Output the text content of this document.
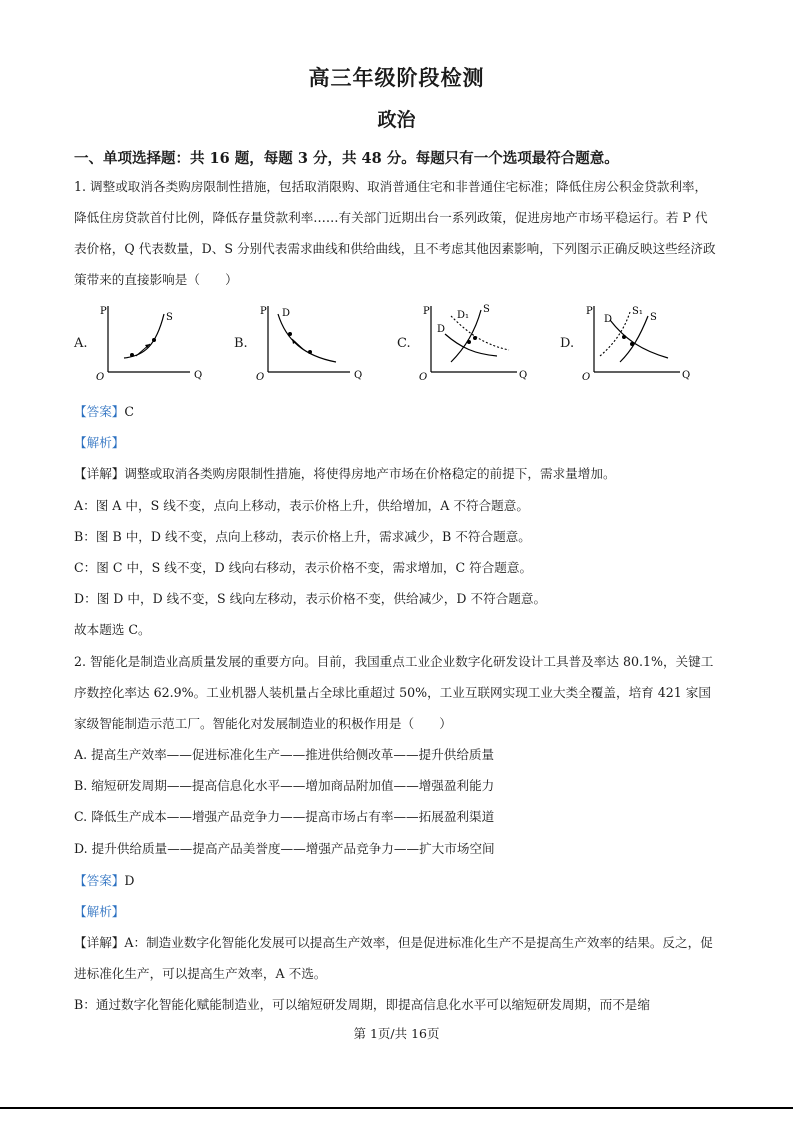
高三年级阶段检测
政治
一、单项选择题：共 16 题，每题 3 分，共 48 分。每题只有一个选项最符合题意。

1. 调整或取消各类购房限制性措施，包括取消限购、取消普通住宅和非普通住宅标准；降低住房公积金贷款利率，降低住房贷款首付比例，降低存量贷款利率……有关部门近期出台一系列政策，促进房地产市场平稳运行。若 P 代表价格，Q 代表数量，D、S 分别代表需求曲线和供给曲线，且不考虑其他因素影响，下列图示正确反映这些经济政策带来的直接影响是（　　）

A.
P
Q
O
S
B.
P
Q
O
D
C.
P
Q
O
D
D₁
S
D.
P
Q
O
D
S₁
S

【答案】C

【解析】

【详解】调整或取消各类购房限制性措施，将使得房地产市场在价格稳定的前提下，需求量增加。

A：图 A 中，S 线不变，点向上移动，表示价格上升，供给增加，A 不符合题意。

B：图 B 中，D 线不变，点向上移动，表示价格上升，需求减少，B 不符合题意。

C：图 C 中，S 线不变，D 线向右移动，表示价格不变，需求增加，C 符合题意。

D：图 D 中，D 线不变，S 线向左移动，表示价格不变，供给减少，D 不符合题意。

故本题选 C。

2. 智能化是制造业高质量发展的重要方向。目前，我国重点工业企业数字化研发设计工具普及率达 80.1%，关键工序数控化率达 62.9%。工业机器人装机量占全球比重超过 50%，工业互联网实现工业大类全覆盖，培育 421 家国家级智能制造示范工厂。智能化对发展制造业的积极作用是（　　）

A. 提高生产效率——促进标准化生产——推进供给侧改革——提升供给质量

B. 缩短研发周期——提高信息化水平——增加商品附加值——增强盈利能力

C. 降低生产成本——增强产品竞争力——提高市场占有率——拓展盈利渠道

D. 提升供给质量——提高产品美誉度——增强产品竞争力——扩大市场空间

【答案】D

【解析】

【详解】A：制造业数字化智能化发展可以提高生产效率，但是促进标准化生产不是提高生产效率的结果。反之，促进标准化生产，可以提高生产效率，A 不选。

B：通过数字化智能化赋能制造业，可以缩短研发周期，即提高信息化水平可以缩短研发周期，而不是缩

第 1页/共 16页
